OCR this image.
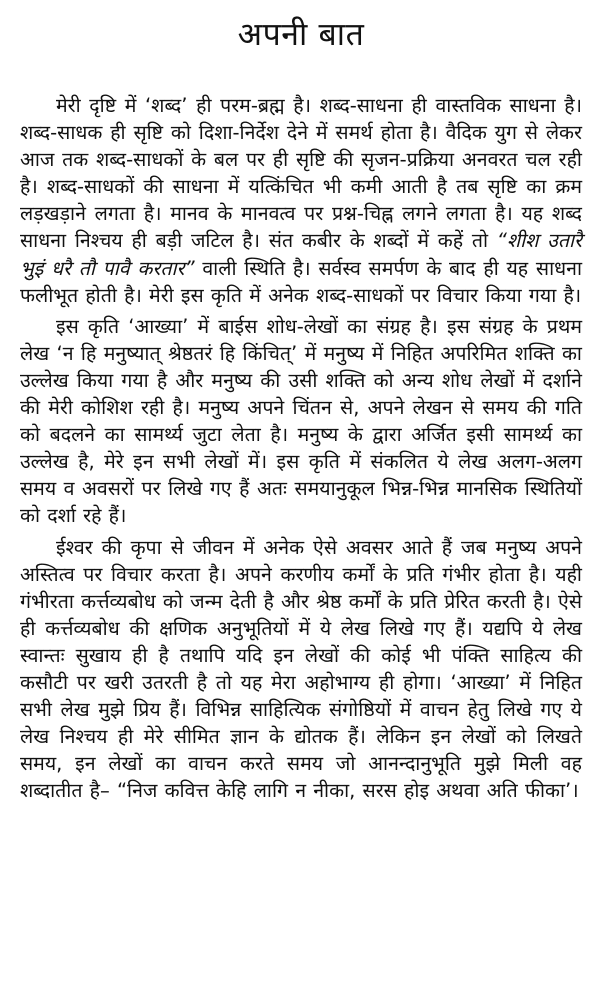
अपनी बात

मेरी दृष्टि में ‘शब्द’ ही परम-ब्रह्म है। शब्द-साधना ही वास्तविक साधना है। शब्द-साधक ही सृष्टि को दिशा-निर्देश देने में समर्थ होता है। वैदिक युग से लेकर आज तक शब्द-साधकों के बल पर ही सृष्टि की सृजन-प्रक्रिया अनवरत चल रही है। शब्द-साधकों की साधना में यत्किंचित भी कमी आती है तब सृष्टि का क्रम लड़खड़ाने लगता है। मानव के मानवत्व पर प्रश्न-चिह्न लगने लगता है। यह शब्द साधना निश्चय ही बड़ी जटिल है। संत कबीर के शब्दों में कहें तो “शीश उतारै भुइं धरै तौ पावै करतार” वाली स्थिति है। सर्वस्व समर्पण के बाद ही यह साधना फलीभूत होती है। मेरी इस कृति में अनेक शब्द-साधकों पर विचार किया गया है।

इस कृति ‘आख्या’ में बाईस शोध-लेखों का संग्रह है। इस संग्रह के प्रथम लेख ‘न हि मनुष्यात् श्रेष्ठतरं हि किंचित्’ में मनुष्य में निहित अपरिमित शक्ति का उल्लेख किया गया है और मनुष्य की उसी शक्ति को अन्य शोध लेखों में दर्शाने की मेरी कोशिश रही है। मनुष्य अपने चिंतन से, अपने लेखन से समय की गति को बदलने का सामर्थ्य जुटा लेता है। मनुष्य के द्वारा अर्जित इसी सामर्थ्य का उल्लेख है, मेरे इन सभी लेखों में। इस कृति में संकलित ये लेख अलग-अलग समय व अवसरों पर लिखे गए हैं अतः समयानुकूल भिन्न-भिन्न मानसिक स्थितियों को दर्शा रहे हैं।

ईश्वर की कृपा से जीवन में अनेक ऐसे अवसर आते हैं जब मनुष्य अपने अस्तित्व पर विचार करता है। अपने करणीय कर्मों के प्रति गंभीर होता है। यही गंभीरता कर्त्तव्यबोध को जन्म देती है और श्रेष्ठ कर्मों के प्रति प्रेरित करती है। ऐसे ही कर्त्तव्यबोध की क्षणिक अनुभूतियों में ये लेख लिखे गए हैं। यद्यपि ये लेख स्वान्तः सुखाय ही है तथापि यदि इन लेखों की कोई भी पंक्ति साहित्य की कसौटी पर खरी उतरती है तो यह मेरा अहोभाग्य ही होगा। ‘आख्या’ में निहित सभी लेख मुझे प्रिय हैं। विभिन्न साहित्यिक संगोष्ठियों में वाचन हेतु लिखे गए ये लेख निश्चय ही मेरे सीमित ज्ञान के द्योतक हैं। लेकिन इन लेखों को लिखते समय, इन लेखों का वाचन करते समय जो आनन्दानुभूति मुझे मिली वह शब्दातीत है– “निज कवित्त केहि लागि न नीका, सरस होइ अथवा अति फीका’।
